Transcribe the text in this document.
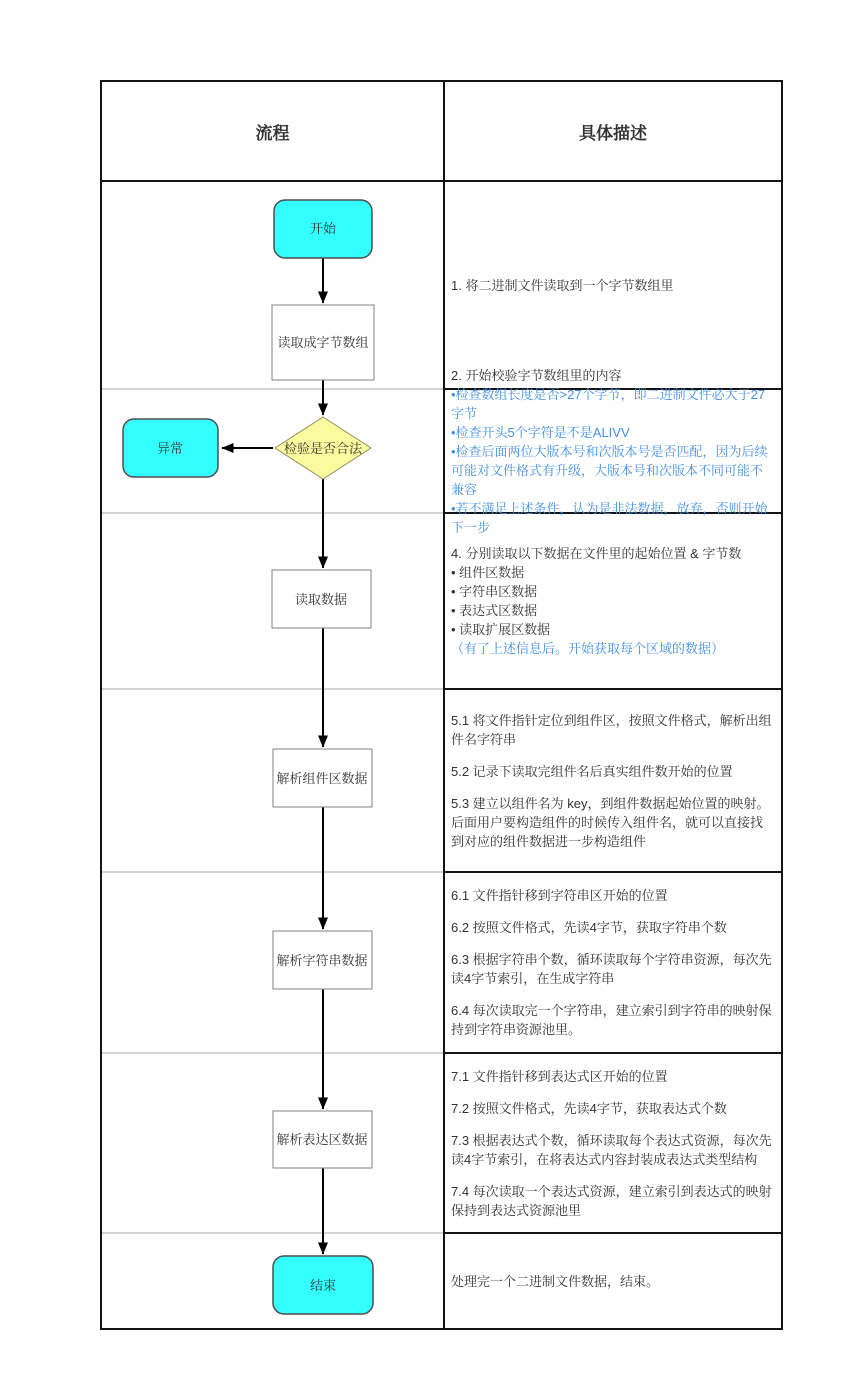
流程
开始
读取成字节数组
检验是否合法
异常
读取数据
解析组件区数据
解析字符串数据
解析表达区数据
结束
具体描述

1. 将二进制文件读取到一个字节数组里

2. 开始校验字节数组里的内容

•检查数组长度是否>27个字节，即二进制文件必大于27字节

•检查开头5个字符是不是ALIVV

•检查后面两位大版本号和次版本号是否匹配，因为后续可能对文件格式有升级，大版本号和次版本不同可能不兼容

•若不满足上述条件，认为是非法数据，放弃，否则开始下一步

4. 分别读取以下数据在文件里的起始位置 & 字节数

• 组件区数据

• 字符串区数据

• 表达式区数据

• 读取扩展区数据

（有了上述信息后。开始获取每个区域的数据）

5.1 将文件指针定位到组件区，按照文件格式，解析出组件名字符串

5.2 记录下读取完组件名后真实组件数开始的位置

5.3 建立以组件名为 key，到组件数据起始位置的映射。后面用户要构造组件的时候传入组件名，就可以直接找到对应的组件数据进一步构造组件

6.1 文件指针移到字符串区开始的位置

6.2 按照文件格式，先读4字节，获取字符串个数

6.3 根据字符串个数，循环读取每个字符串资源，每次先读4字节索引，在生成字符串

6.4 每次读取完一个字符串，建立索引到字符串的映射保持到字符串资源池里。

7.1 文件指针移到表达式区开始的位置

7.2 按照文件格式，先读4字节，获取表达式个数

7.3 根据表达式个数，循环读取每个表达式资源，每次先读4字节索引，在将表达式内容封装成表达式类型结构

7.4 每次读取一个表达式资源，建立索引到表达式的映射保持到表达式资源池里

处理完一个二进制文件数据，结束。
